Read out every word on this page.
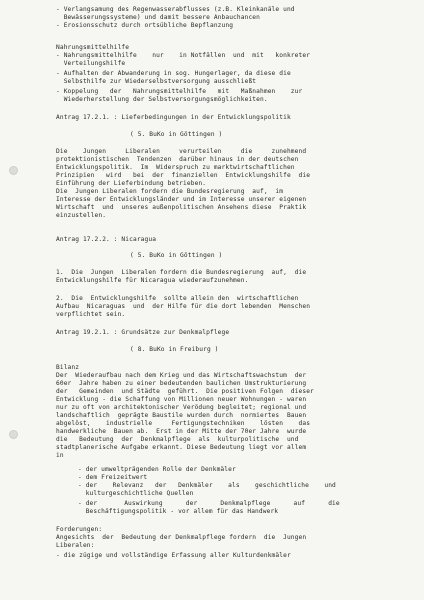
- Verlangsamung des Regenwasserabflusses (z.B. Kleinkanäle und
Bewässerungssysteme) und damit bessere Anbauchancen
- Erosionsschutz durch ortsübliche Bepflanzung
Nahrungsmittelhilfe
- Nahrungsmittelhilfe    nur    in Notfällen  und  mit   konkreter
Verteilungshilfe
- Aufhalten der Abwanderung in sog. Hungerlager, da diese die
Selbsthilfe zur Wiederselbstversorgung ausschließt
- Koppelung   der   Nahrungsmittelhilfe   mit   Maßnahmen    zur
Wiederherstellung der Selbstversorgungsmöglichkeiten.
Antrag 17.2.1. : Lieferbedingungen in der Entwicklungspolitik
( 5. BuKo in Göttingen )
Die    Jungen     Liberalen     verurteilen     die     zunehmend
protektionistischen  Tendenzen  darüber hinaus in der deutschen
Entwicklungspolitik.  Im  Widerspruch zu marktwirtschaftlichen
Prinzipien   wird   bei  der  finanziellen  Entwicklungshilfe  die
Einführung der Lieferbindung betrieben.
Die  Jungen Liberalen fordern die Bundesregierung  auf,  im
Interesse der Entwicklungsländer und im Interesse unserer eigenen
Wirtschaft  und  unseres außenpolitischen Ansehens diese  Praktik
einzustellen.
Antrag 17.2.2. : Nicaragua
( 5. BuKo in Göttingen )
1.  Die  Jungen  Liberalen fordern die Bundesregierung  auf,  die
Entwicklungshilfe für Nicaragua wiederaufzunehmen.
2.  Die  Entwicklungshilfe  sollte allein den  wirtschaftlichen
Aufbau  Nicaraguas  und  der Hilfe für die dort lebenden  Menschen
verpflichtet sein.
Antrag 19.2.1. : Grundsätze zur Denkmalpflege
( 8. BuKo in Freiburg )
Bilanz
Der  Wiederaufbau nach dem Krieg und das Wirtschaftswachstum  der
60er  Jahre haben zu einer bedeutenden baulichen Umstrukturierung
der   Gemeinden  und Städte  geführt.  Die positiven Folgen  dieser
Entwicklung - die Schaffung von Millionen neuer Wohnungen - waren
nur zu oft von architektonischer Verödung begleitet; regional und
landschaftlich  geprägte Baustile wurden durch  normiertes  Bauen
abgelöst,    industrielle     Fertigungstechniken    lösten    das
handwerkliche  Bauen ab.  Erst in der Mitte der 70er Jahre  wurde
die   Bedeutung  der  Denkmalpflege  als  kulturpolitische  und
stadtplanerische Aufgabe erkannt. Diese Bedeutung liegt vor allem
in
- der umweltprägenden Rolle der Denkmäler
- dem Freizeitwert
- der    Relevanz   der   Denkmäler    als    geschichtliche    und
kulturgeschichtliche Quellen
- der       Auswirkung      der      Denkmalpflege      auf      die
Beschäftigungspolitik - vor allem für das Handwerk
Forderungen:
Angesichts  der  Bedeutung der Denkmalpflege fordern  die  Jungen
Liberalen:
- die zügige und vollständige Erfassung aller Kulturdenkmäler
